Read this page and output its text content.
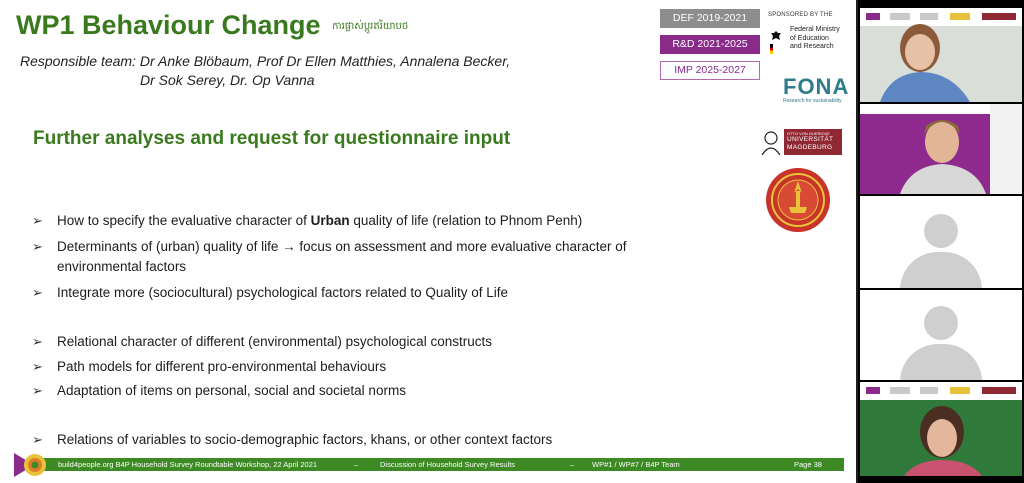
WP1 Behaviour Change ការផ្លាស់ប្តូរឥរិយាបថ
Responsible team: Dr Anke Blöbaum, Prof Dr Ellen Matthies, Annalena Becker,
Dr Sok Serey, Dr. Op Vanna
DEF 2019-2021
R&D 2021-2025
IMP 2025-2027
SPONSORED BY THE
Federal Ministry
of Education
and Research
FONA
Research for sustainability
Further analyses and request for questionnaire input	OTTO VON GUERICKE
UNIVERSITÄT
MAGDEBURG
➢	How to specify the evaluative character of Urban quality of life (relation to Phnom Penh)
➢	Determinants of (urban) quality of life → focus on assessment and more evaluative character of environmental factors
➢	Integrate more (sociocultural) psychological factors related to Quality of Life
➢	Relational character of different (environmental) psychological constructs
➢	Path models for different pro-environmental behaviours
➢	Adaptation of items on personal, social and societal norms
➢	Relations of variables to socio-demographic factors, khans, or other context factors
build4people.org B4P Household Survey Roundtable Workshop, 22 April 2021	–	Discussion of Household Survey Results	– WP#1 / WP#7 / B4P Team	Page 38
